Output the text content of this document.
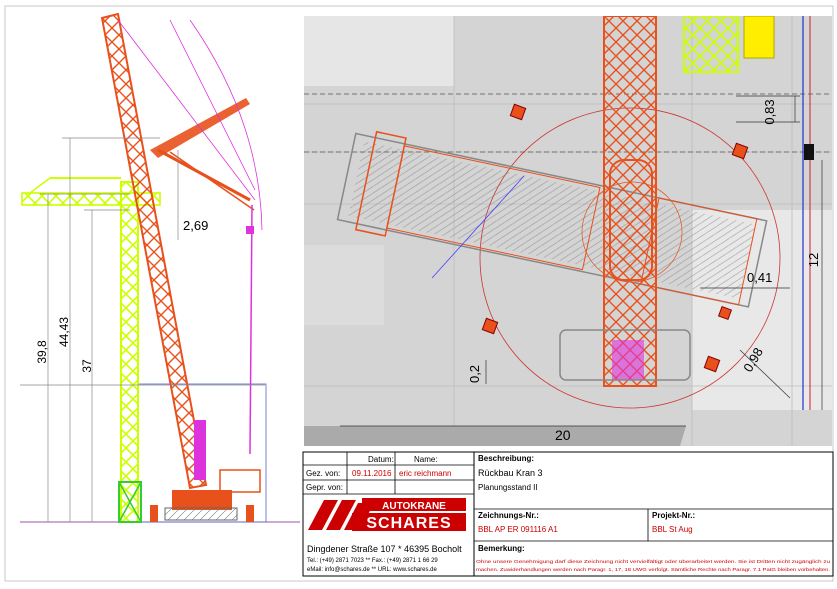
2,69
39,8
44,43
37
0,83
12
0,41
0,98
0,2
20
Datum:	Name:
Gez. von:
Gepr. von:
09.11.2016 eric reichmann
Beschreibung:
Rückbau Kran 3
Planungsstand II
Zeichnungs-Nr.:
BBL AP ER 091116 A1
Projekt-Nr.:
BBL St Aug
Bemerkung:
Ohne unsere Genehmigung darf diese Zeichnung nicht vervielfältigt oder überarbeitet werden. Sie ist Dritten nicht zugänglich zu
machen. Zuwiderhandlungen werden nach Paragr. 1, 17, 18 UWG verfolgt. Sämtliche Rechte nach Paragr. 7.1 PatG bleiben vorbehalten.
AUTOKRANE
SCHARES
Dingdener Straße 107 * 46395 Bocholt
Tel.: (+49) 2871 7023 ** Fax.: (+49) 2871 1 66 29
eMail: info@schares.de ** URL: www.schares.de
